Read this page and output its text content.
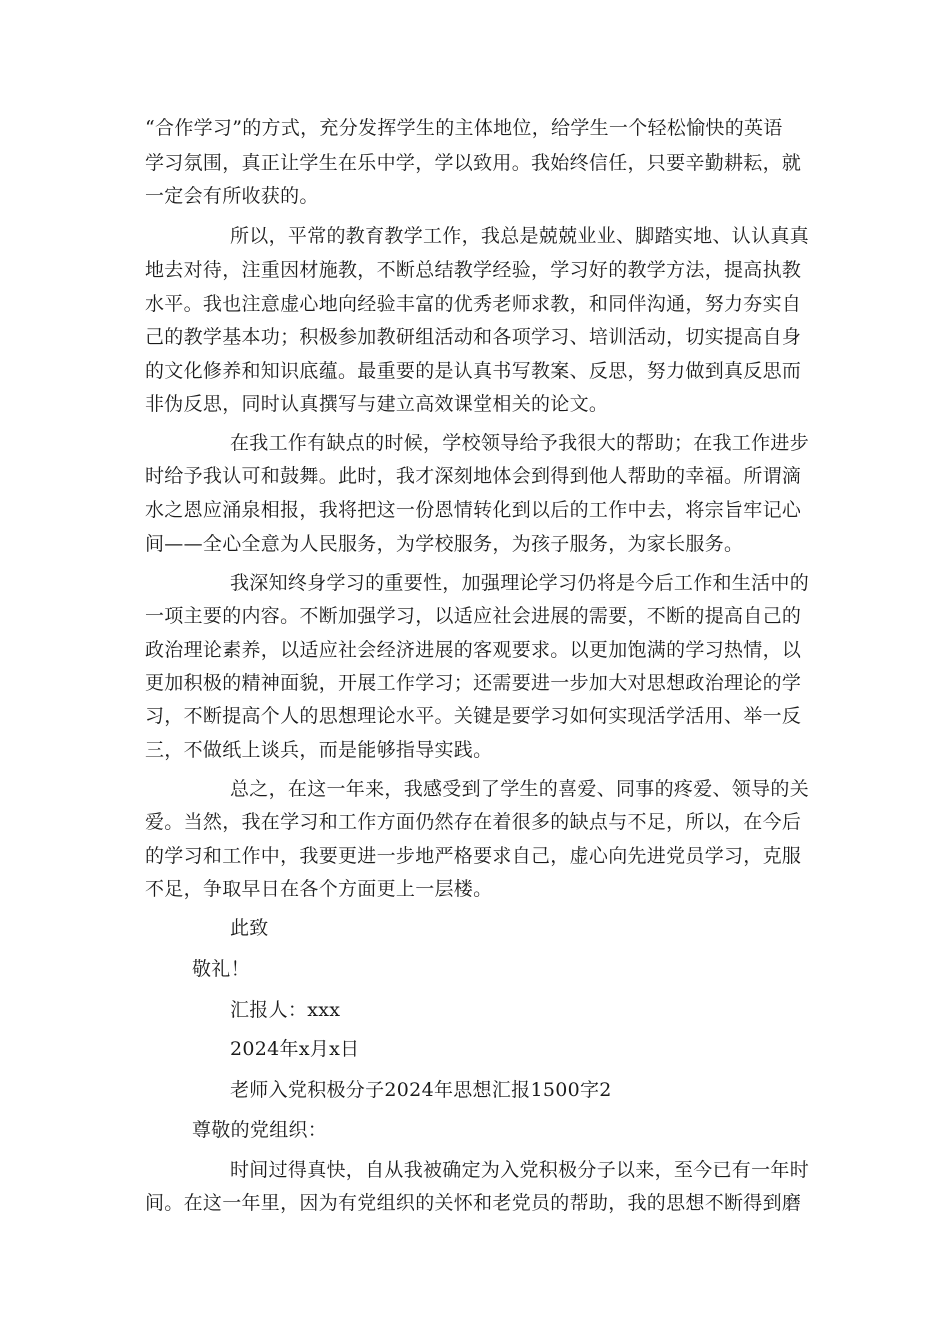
“合作学习”的方式，充分发挥学生的主体地位，给学生一个轻松愉快的英语
学习氛围，真正让学生在乐中学，学以致用。我始终信任，只要辛勤耕耘，就
一定会有所收获的。
所以，平常的教育教学工作，我总是兢兢业业、脚踏实地、认认真真
地去对待，注重因材施教，不断总结教学经验，学习好的教学方法，提高执教
水平。我也注意虚心地向经验丰富的优秀老师求教，和同伴沟通，努力夯实自
己的教学基本功；积极参加教研组活动和各项学习、培训活动，切实提高自身
的文化修养和知识底蕴。最重要的是认真书写教案、反思，努力做到真反思而
非伪反思，同时认真撰写与建立高效课堂相关的论文。
在我工作有缺点的时候，学校领导给予我很大的帮助；在我工作进步
时给予我认可和鼓舞。此时，我才深刻地体会到得到他人帮助的幸福。所谓滴
水之恩应涌泉相报，我将把这一份恩情转化到以后的工作中去，将宗旨牢记心
间——全心全意为人民服务，为学校服务，为孩子服务，为家长服务。
我深知终身学习的重要性，加强理论学习仍将是今后工作和生活中的
一项主要的内容。不断加强学习，以适应社会进展的需要，不断的提高自己的
政治理论素养，以适应社会经济进展的客观要求。以更加饱满的学习热情，以
更加积极的精神面貌，开展工作学习；还需要进一步加大对思想政治理论的学
习，不断提高个人的思想理论水平。关键是要学习如何实现活学活用、举一反
三，不做纸上谈兵，而是能够指导实践。
总之，在这一年来，我感受到了学生的喜爱、同事的疼爱、领导的关
爱。当然，我在学习和工作方面仍然存在着很多的缺点与不足，所以，在今后
的学习和工作中，我要更进一步地严格要求自己，虚心向先进党员学习，克服
不足，争取早日在各个方面更上一层楼。
此致
敬礼！
汇报人：xxx
2024年x月x日
老师入党积极分子2024年思想汇报1500字2
尊敬的党组织：
时间过得真快，自从我被确定为入党积极分子以来，至今已有一年时
间。在这一年里，因为有党组织的关怀和老党员的帮助，我的思想不断得到磨
